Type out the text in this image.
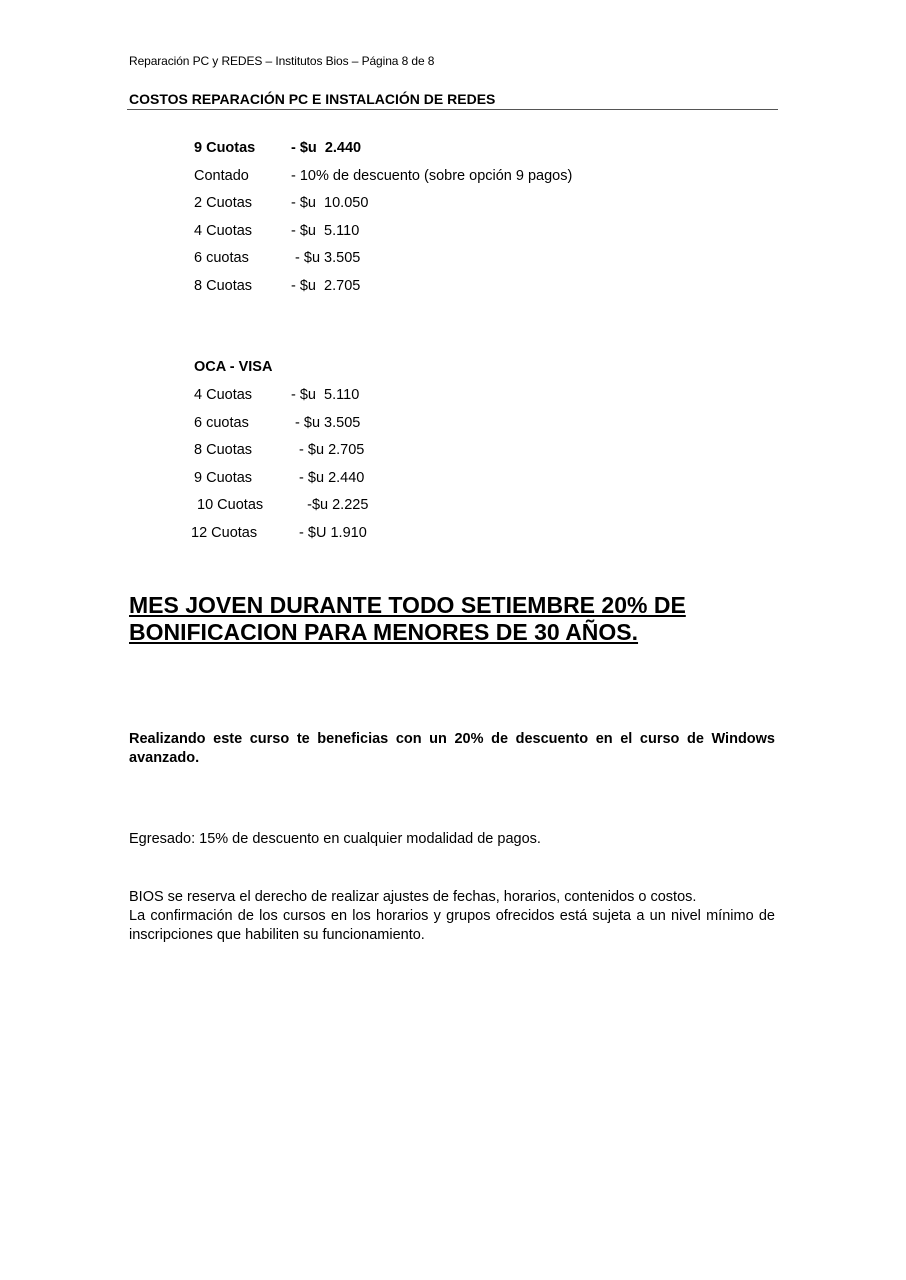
Reparación PC y REDES – Institutos Bios – Página 8 de 8
COSTOS REPARACIÓN PC E INSTALACIÓN DE REDES
9 Cuotas - $u  2.440
Contado	- 10% de descuento (sobre opción 9 pagos)
2 Cuotas	- $u  10.050
4 Cuotas	- $u  5.110
6 cuotas	- $u 3.505
8 Cuotas	- $u  2.705
OCA - VISA
4 Cuotas	- $u  5.110
6 cuotas	- $u 3.505
8 Cuotas	- $u 2.705
9 Cuotas	- $u 2.440
10 Cuotas -$u 2.225
12 Cuotas - $U 1.910
MES JOVEN DURANTE TODO SETIEMBRE 20% DE
BONIFICACION PARA MENORES DE 30 AÑOS.
Realizando este curso te beneficias con un 20% de descuento en el curso de Windows avanzado.
Egresado: 15% de descuento en cualquier modalidad de pagos.

BIOS se reserva el derecho de realizar ajustes de fechas, horarios, contenidos o costos.

La confirmación de los cursos en los horarios y grupos ofrecidos está sujeta a un nivel mínimo de inscripciones que habiliten su funcionamiento.
